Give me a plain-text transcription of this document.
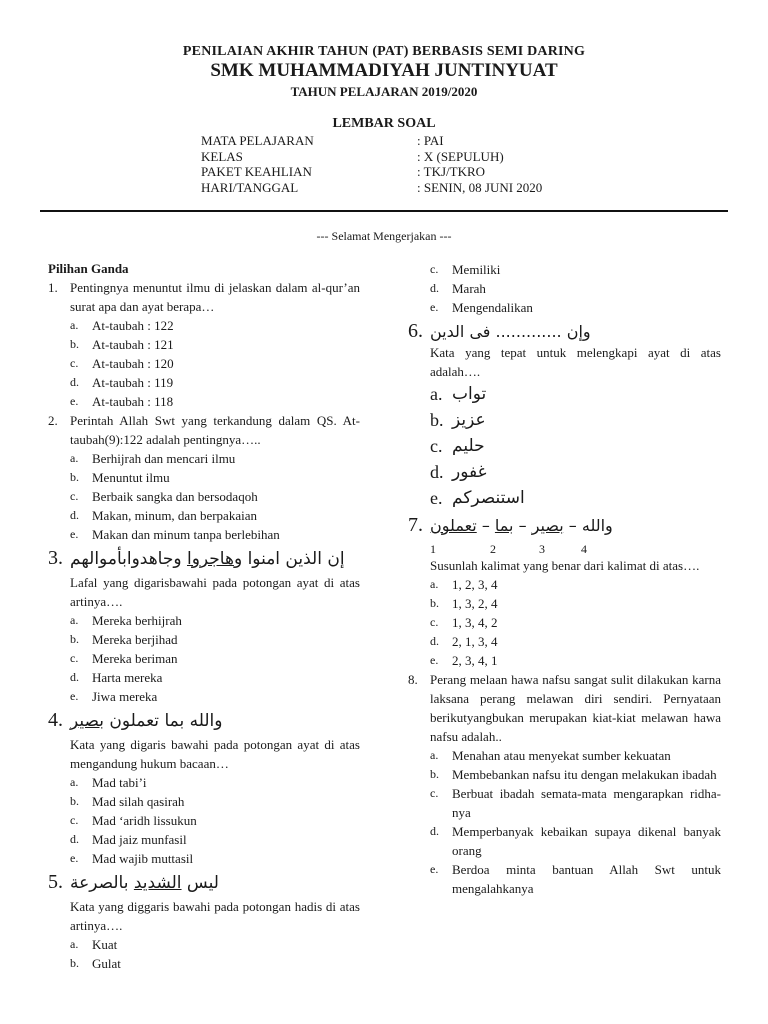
PENILAIAN AKHIR TAHUN (PAT) BERBASIS SEMI DARING
SMK MUHAMMADIYAH JUNTINYUAT
TAHUN PELAJARAN 2019/2020
LEMBAR SOAL
MATA PELAJARAN	: PAI
KELAS	: X (SEPULUH)
PAKET KEAHLIAN	: TKJ/TKRO
HARI/TANGGAL	: SENIN, 08 JUNI 2020
--- Selamat Mengerjakan ---
Pilihan Ganda
1. Pentingnya menuntut ilmu di jelaskan dalam al-qur’an surat apa dan ayat berapa…
a. At-taubah : 122
b. At-taubah : 121
c. At-taubah : 120
d. At-taubah : 119
e. At-taubah : 118
2. Perintah Allah Swt yang terkandung dalam QS. At-taubah(9):122 adalah pentingnya…..
a. Berhijrah dan mencari ilmu
b. Menuntut ilmu
c. Berbaik sangka dan bersodaqoh
d. Makan, minum, dan berpakaian
e. Makan dan minum tanpa berlebihan
3.	إن الذين امنوا وهاجروا وجاهدوابأموالهم
Lafal yang digarisbawahi pada potongan ayat di atas artinya….
a. Mereka berhijrah
b. Mereka berjihad
c. Mereka beriman
d. Harta mereka
e. Jiwa mereka
4. والله بما تعملون بصير
Kata yang digaris bawahi pada potongan ayat di atas mengandung hukum bacaan…
a. Mad tabi’i
b. Mad silah qasirah
c. Mad ‘aridh lissukun
d. Mad jaiz munfasil
e. Mad wajib muttasil
5.	ليس الشديد بالصرعة
Kata yang diggaris bawahi pada potongan hadis di atas artinya….
a. Kuat
b. Gulat
c. Memiliki
d. Marah
e. Mengendalikan
6. وإن ............. فى الدين
Kata yang tepat untuk melengkapi ayat di atas adalah….
a. تواب
b. عزيز
c. حليم
d. غفور
e. استنصركم
7.	والله – بصير – بما – تعملون
1	2	3	4
Susunlah kalimat yang benar dari kalimat di atas….
a. 1, 2, 3, 4
b. 1, 3, 2, 4
c. 1, 3, 4, 2
d. 2, 1, 3, 4
e. 2, 3, 4, 1
8. Perang melaan hawa nafsu sangat sulit dilakukan karna laksana perang melawan diri sendiri. Pernyataan berikutyangbukan merupakan kiat-kiat melawan hawa nafsu adalah..
a. Menahan atau menyekat sumber kekuatan
b. Membebankan nafsu itu dengan melakukan ibadah
c. Berbuat ibadah semata-mata mengarapkan ridha-nya
d. Memperbanyak kebaikan supaya dikenal banyak orang
e. Berdoa minta bantuan Allah Swt untuk mengalahkanya
